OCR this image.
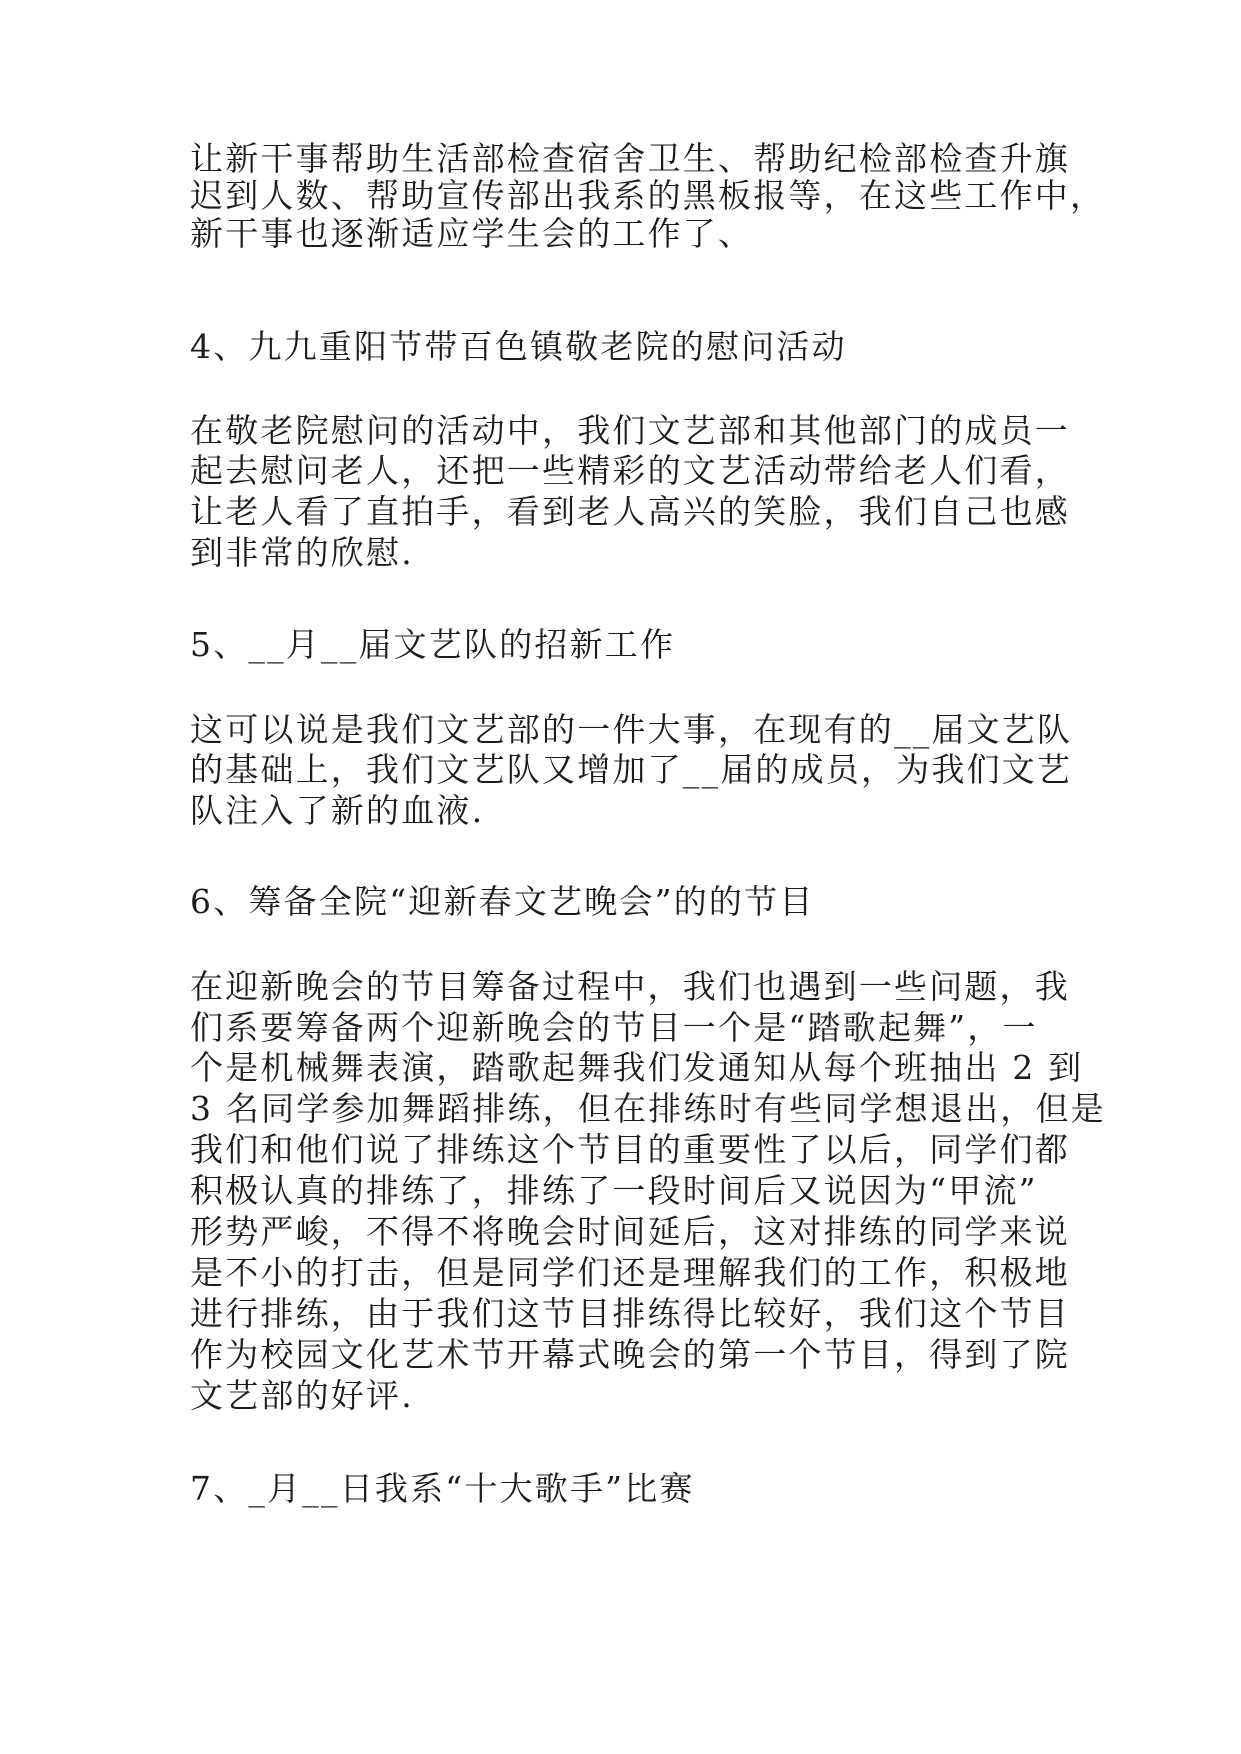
让新干事帮助生活部检查宿舍卫生、帮助纪检部检查升旗

迟到人数、帮助宣传部出我系的黑板报等，在这些工作中，

新干事也逐渐适应学生会的工作了、

4、九九重阳节带百色镇敬老院的慰问活动

在敬老院慰问的活动中，我们文艺部和其他部门的成员一

起去慰问老人，还把一些精彩的文艺活动带给老人们看，

让老人看了直拍手，看到老人高兴的笑脸，我们自己也感

到非常的欣慰.

5、__月__届文艺队的招新工作

这可以说是我们文艺部的一件大事，在现有的__届文艺队

的基础上，我们文艺队又增加了__届的成员，为我们文艺

队注入了新的血液.

6、筹备全院“迎新春文艺晚会”的的节目

在迎新晚会的节目筹备过程中，我们也遇到一些问题，我

们系要筹备两个迎新晚会的节目一个是“踏歌起舞”，一

个是机械舞表演，踏歌起舞我们发通知从每个班抽出 2 到

3 名同学参加舞蹈排练，但在排练时有些同学想退出，但是

我们和他们说了排练这个节目的重要性了以后，同学们都

积极认真的排练了，排练了一段时间后又说因为“甲流”

形势严峻，不得不将晚会时间延后，这对排练的同学来说

是不小的打击，但是同学们还是理解我们的工作，积极地

进行排练，由于我们这节目排练得比较好，我们这个节目

作为校园文化艺术节开幕式晚会的第一个节目，得到了院

文艺部的好评.

7、_月__日我系“十大歌手”比赛
